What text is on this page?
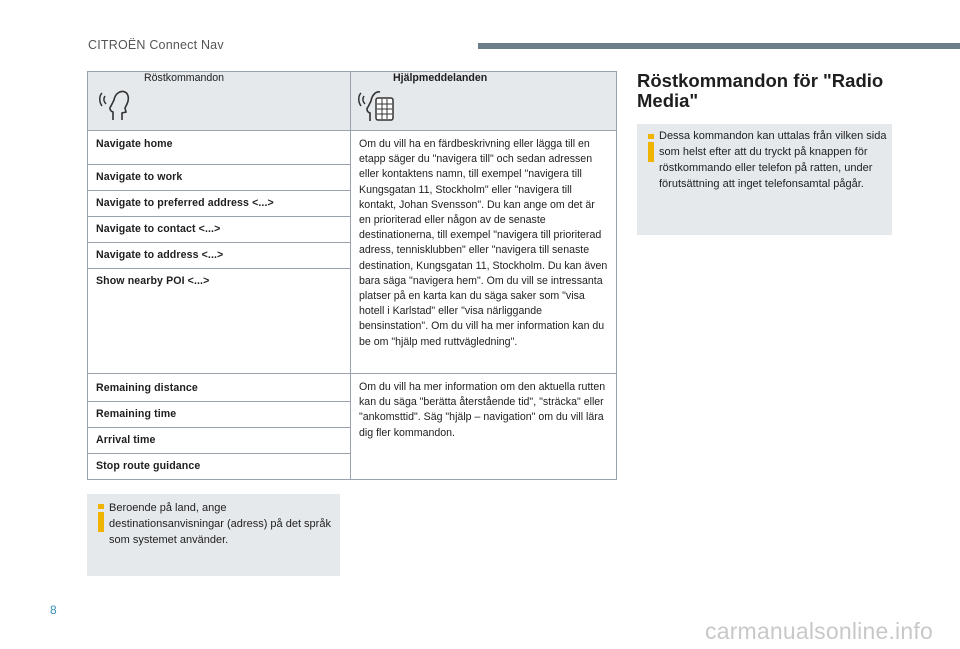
CITROËN Connect Nav
Röstkommandon	Hjälpmeddelanden
Navigate home	Om du vill ha en färdbeskrivning eller lägga till en etapp säger du "navigera till" och sedan adressen eller kontaktens namn, till exempel "navigera till Kungsgatan 11, Stockholm" eller "navigera till kontakt, Johan Svensson". Du kan ange om det är en prioriterad eller någon av de senaste destinationerna, till exempel "navigera till prioriterad adress, tennisklubben" eller "navigera till senaste destination, Kungsgatan 11, Stockholm. Du kan även bara säga "navigera hem". Om du vill se intressanta platser på en karta kan du säga saker som "visa hotell i Karlstad" eller "visa närliggande bensinstation". Om du vill ha mer information kan du be om "hjälp med ruttvägledning".
Navigate to work	
Navigate to preferred address <...>	
Navigate to contact <...>	
Navigate to address <...>	
Show nearby POI <...>	
Remaining distance	Om du vill ha mer information om den aktuella rutten kan du säga "berätta återstående tid", "sträcka" eller "ankomsttid". Säg "hjälp – navigation" om du vill lära dig fler kommandon.
Remaining time	
Arrival time	
Stop route guidance	
Beroende på land, ange destinationsanvisningar (adress) på det språk som systemet använder.
Röstkommandon för "Radio Media"
Dessa kommandon kan uttalas från vilken sida som helst efter att du tryckt på knappen för röstkommando eller telefon på ratten, under förutsättning att inget telefonsamtal pågår.
8
carmanualsonline.info
